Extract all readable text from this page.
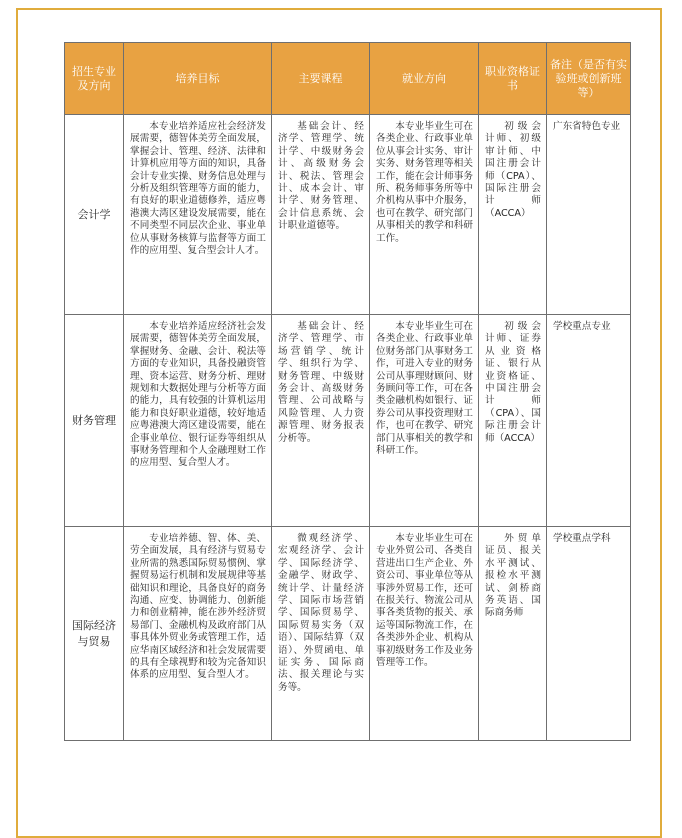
招生专业及方向	培养目标	主要课程	就业方向	职业资格证书	备注（是否有实验班或创新班等）
会计学	本专业培养适应社会经济发展需要，德智体美劳全面发展，掌握会计、管理、经济、法律和计算机应用等方面的知识，具备会计专业实操、财务信息处理与分析及组织管理等方面的能力，有良好的职业道德修养，适应粤港澳大湾区建设发展需要，能在不同类型不同层次企业、事业单位从事财务核算与监督等方面工作的应用型、复合型会计人才。	基础会计、经济学、管理学、统计学、中级财务会计、高级财务会计、税法、管理会计、成本会计、审计学、财务管理、会计信息系统、会计职业道德等。	本专业毕业生可在各类企业、行政事业单位从事会计实务、审计实务、财务管理等相关工作，能在会计师事务所、税务师事务所等中介机构从事中介服务，也可在教学、研究部门从事相关的教学和科研工作。	初级会计师、初级审计师、中国注册会计师（CPA）、国际注册会计师（ACCA）	广东省特色专业

财务管理	本专业培养适应经济社会发展需要，德智体美劳全面发展，掌握财务、金融、会计、税法等方面的专业知识，具备投融资管理、资本运营、财务分析、理财规划和大数据处理与分析等方面的能力，具有较强的计算机运用能力和良好职业道德，较好地适应粤港澳大湾区建设需要，能在企事业单位、银行证券等组织从事财务管理和个人金融理财工作的应用型、复合型人才。	基础会计、经济学、管理学、市场营销学、统计学、组织行为学、财务管理、中级财务会计、高级财务管理、公司战略与风险管理、人力资源管理、财务报表分析等。	本专业毕业生可在各类企业、行政事业单位财务部门从事财务工作，可进入专业的财务公司从事理财顾问、财务顾问等工作，可在各类金融机构如银行、证券公司从事投资理财工作，也可在教学、研究部门从事相关的教学和科研工作。	初级会计师、证券从业资格证、银行从业资格证、中国注册会计师（CPA）、国际注册会计师（ACCA）	学校重点专业

国际经济与贸易	专业培养德、智、体、美、劳全面发展，具有经济与贸易专业所需的熟悉国际贸易惯例、掌握贸易运行机制和发展规律等基础知识和理论，具备良好的商务沟通、应变、协调能力、创新能力和创业精神，能在涉外经济贸易部门、金融机构及政府部门从事具体外贸业务或管理工作，适应华南区域经济和社会发展需要的具有全球视野和较为完备知识体系的应用型、复合型人才。	微观经济学、宏观经济学、会计学、国际经济学、金融学、财政学、统计学、计量经济学、国际市场营销学、国际贸易学、国际贸易实务（双语）、国际结算（双语）、外贸函电、单证实务、国际商法、报关理论与实务等。	本专业毕业生可在专业外贸公司、各类自营进出口生产企业、外资公司、事业单位等从事涉外贸易工作，还可在报关行、物流公司从事各类货物的报关、承运等国际物流工作，在各类涉外企业、机构从事初级财务工作及业务管理等工作。	外贸单证员、报关水平测试、报检水平测试、剑桥商务英语、国际商务师	学校重点学科
